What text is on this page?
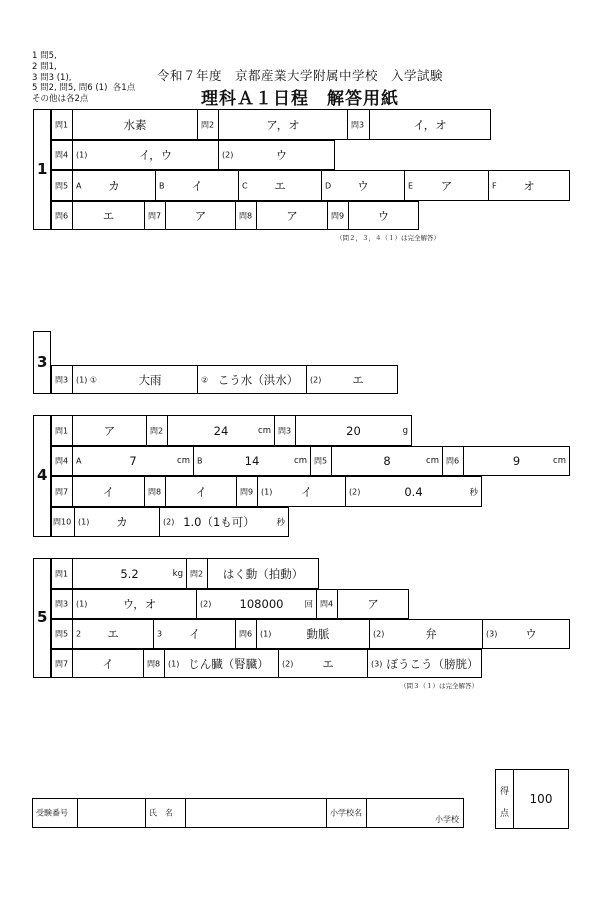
1 問5,
2 問1,
3 問3 (1),
5 問2, 問5, 問6 (1)  各1点
その他は各2点
令和７年度　京都産業大学附属中学校　入学試験
理科Ａ１日程　解答用紙
1
問1	水素	問2	ア，オ	問3	イ，オ
問4 (1)	イ，ウ	(2)	ウ
問5 A	カ	B	イ	C	エ	D	ウ	E	ア	F	オ
問6	エ	問7	ア	問8	ア	問9	ウ
（問２，３，４（１）は完全解答）
3
問3 (1) ①	大雨	② こう水（洪水）	(2)	エ
4
問1	ア	問2	24	cm 問3	20	g
問4 A	7	cm B	14	cm 問5	8	cm 問6	9	cm
問7	イ	問8	イ	問9 (1)	イ	(2)	0.4	秒
問10 (1)	カ	(2) 1.0（1も可）	秒
5
問1	5.2	kg 問2	はく動（拍動）
問3 (1)	ウ，オ	(2)	108000	回 問4	ア
問5 2	エ	3	イ	問6 (1)	動脈	(2)	弁	(3)	ウ
問7	イ	問8 (1) じん臓（腎臓）	(2)	エ	(3) ぼうこう（膀胱）
（問３（１）は完全解答）
受験番号	氏　名	小学校名
小学校
得
点
100
